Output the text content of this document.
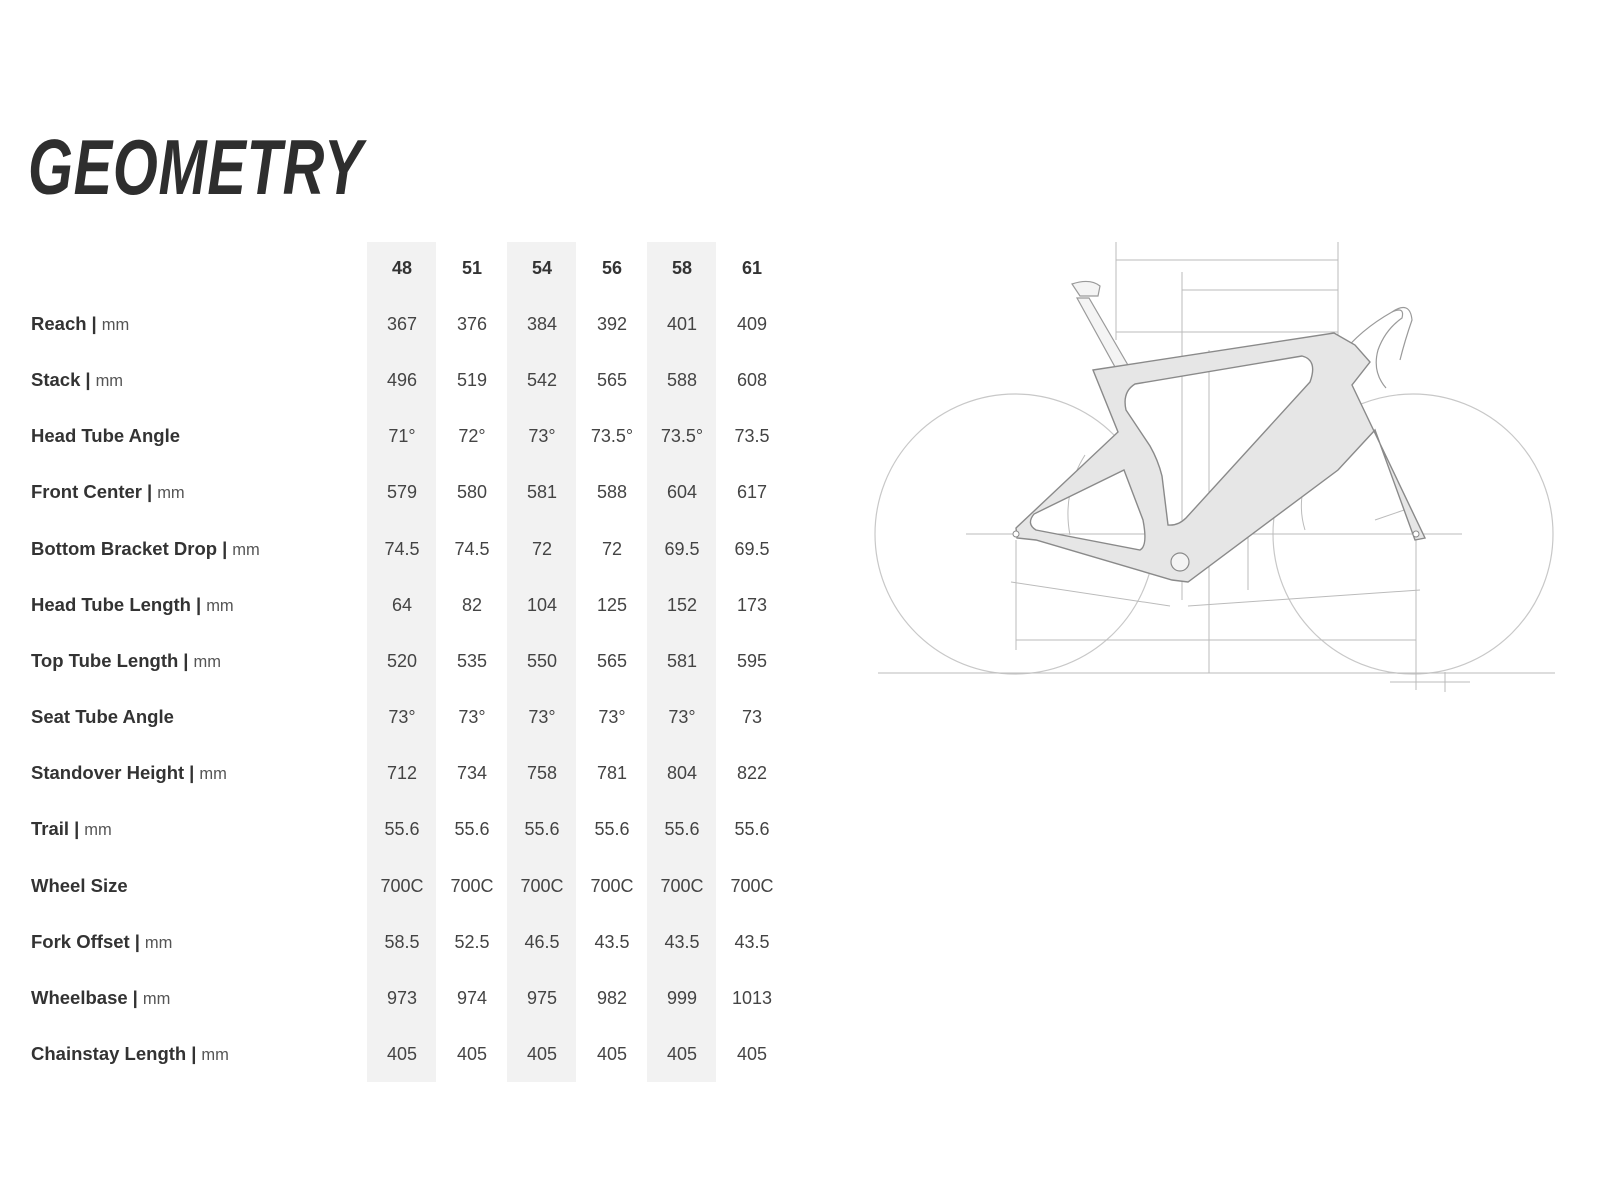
GEOMETRY
48	51	54	56	58	61
Reach | mm	367	376	384	392	401	409
Stack | mm	496	519	542	565	588	608
Head Tube Angle	71°	72°	73°	73.5°	73.5°	73.5
Front Center | mm	579	580	581	588	604	617
Bottom Bracket Drop | mm	74.5	74.5	72	72	69.5	69.5
Head Tube Length | mm	64	82	104	125	152	173
Top Tube Length | mm	520	535	550	565	581	595
Seat Tube Angle	73°	73°	73°	73°	73°	73
Standover Height | mm	712	734	758	781	804	822
Trail | mm	55.6	55.6	55.6	55.6	55.6	55.6
Wheel Size	700C	700C	700C	700C	700C	700C
Fork Offset | mm	58.5	52.5	46.5	43.5	43.5	43.5
Wheelbase | mm	973	974	975	982	999	1013
Chainstay Length | mm	405	405	405	405	405	405
